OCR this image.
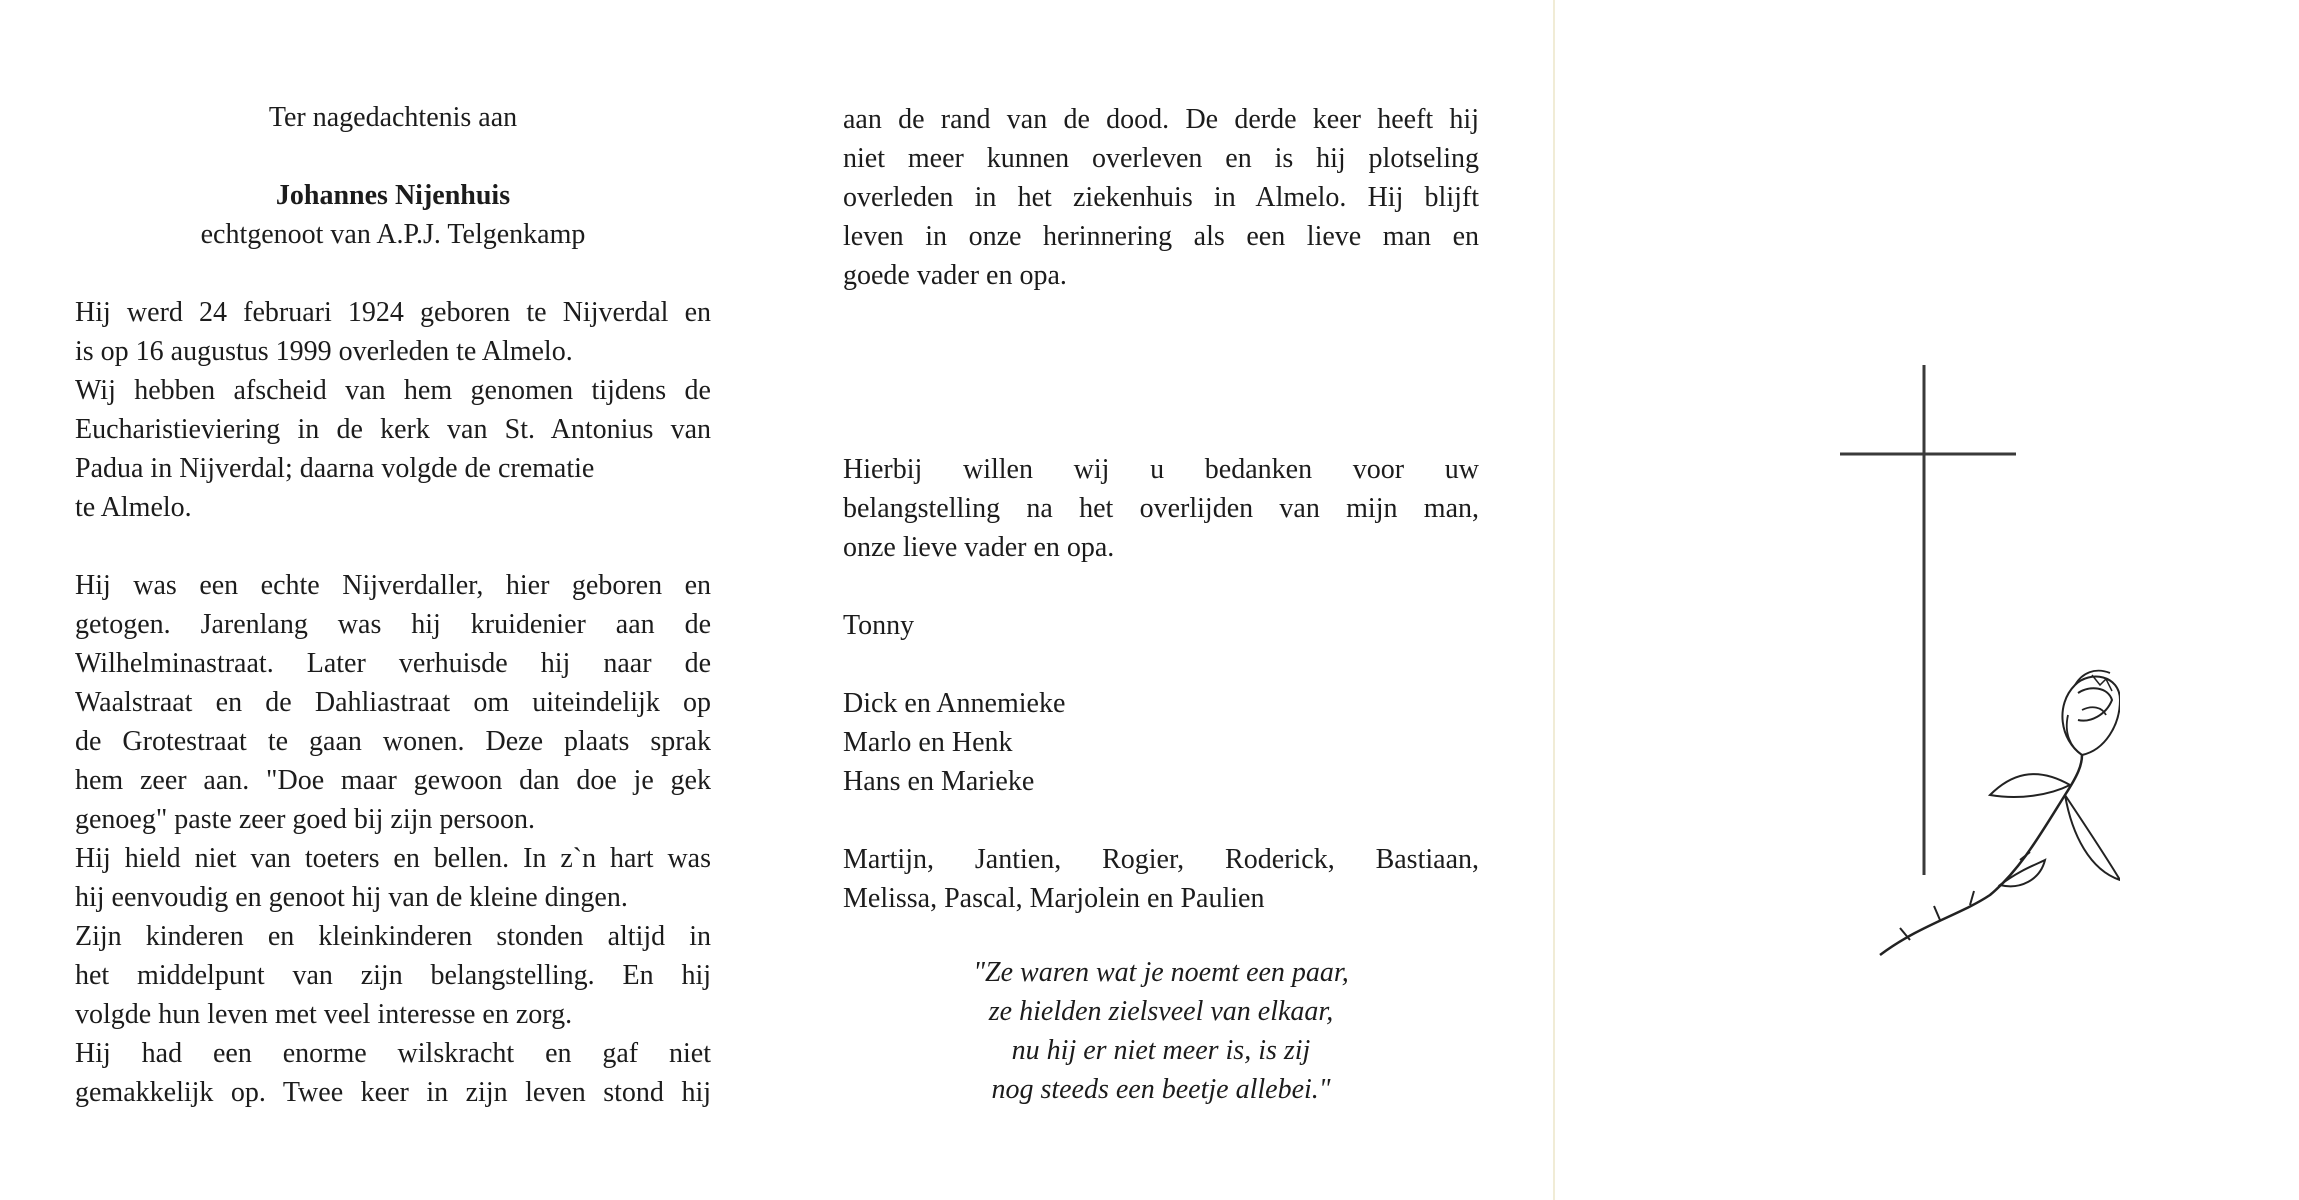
Ter nagedachtenis aan
Johannes Nijenhuis
echtgenoot van A.P.J. Telgenkamp
Hij werd 24 februari 1924 geboren te Nijverdal en
is op 16 augustus 1999 overleden te Almelo.
Wij hebben afscheid van hem genomen tijdens de
Eucharistieviering in de kerk van St. Antonius van
Padua in Nijverdal; daarna volgde de crematie
te Almelo.
Hij was een echte Nijverdaller, hier geboren en
getogen. Jarenlang was hij kruidenier aan de
Wilhelminastraat. Later verhuisde hij naar de
Waalstraat en de Dahliastraat om uiteindelijk op
de Grotestraat te gaan wonen. Deze plaats sprak
hem zeer aan. "Doe maar gewoon dan doe je gek
genoeg" paste zeer goed bij zijn persoon.
Hij hield niet van toeters en bellen. In z`n hart was
hij eenvoudig en genoot hij van de kleine dingen.
Zijn kinderen en kleinkinderen stonden altijd in
het middelpunt van zijn belangstelling. En hij
volgde hun leven met veel interesse en zorg.
Hij had een enorme wilskracht en gaf niet
gemakkelijk op. Twee keer in zijn leven stond hij
aan de rand van de dood. De derde keer heeft hij
niet meer kunnen overleven en is hij plotseling
overleden in het ziekenhuis in Almelo. Hij blijft
leven in onze herinnering als een lieve man en
goede vader en opa.
Hierbij willen wij u bedanken voor uw
belangstelling na het overlijden van mijn man,
onze lieve vader en opa.
Tonny
Dick en Annemieke
Marlo en Henk
Hans en Marieke
Martijn, Jantien, Rogier, Roderick, Bastiaan,
Melissa, Pascal, Marjolein en Paulien
"Ze waren wat je noemt een paar,
ze hielden zielsveel van elkaar,
nu hij er niet meer is, is zij
nog steeds een beetje allebei."
